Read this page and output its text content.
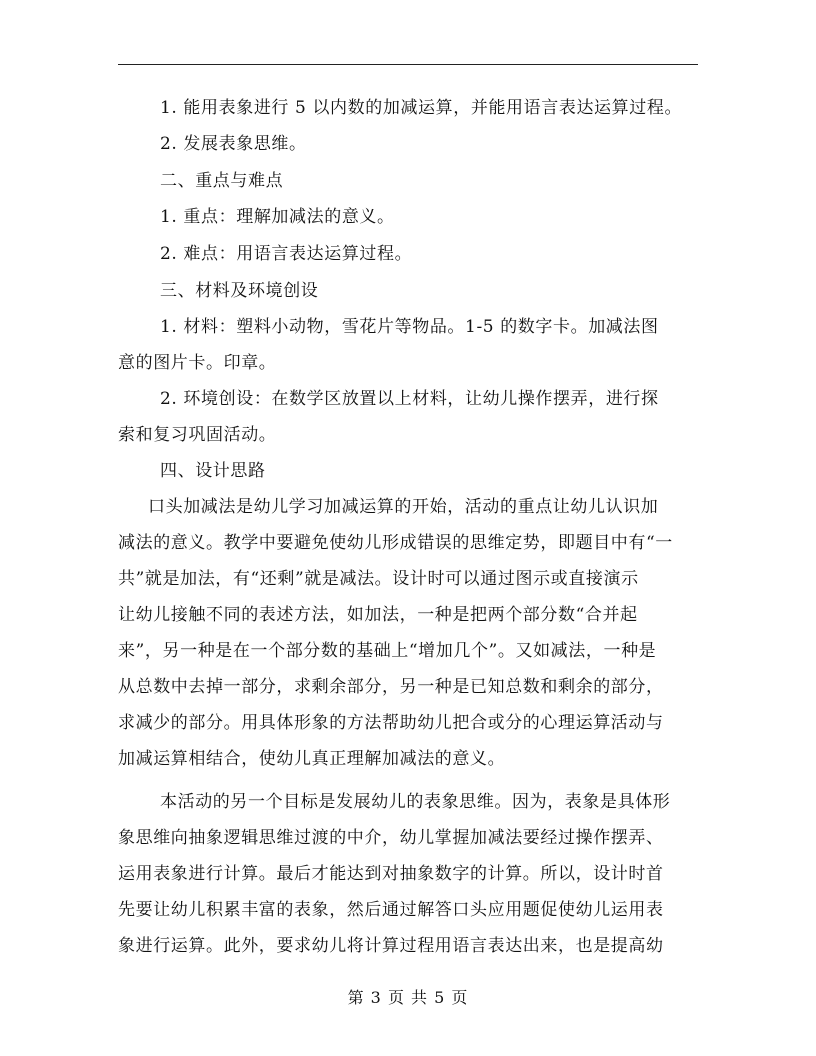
1. 能用表象进行 5 以内数的加减运算，并能用语言表达运算过程。
2. 发展表象思维。
二、重点与难点
1. 重点：理解加减法的意义。
2. 难点：用语言表达运算过程。
三、材料及环境创设
1. 材料：塑料小动物，雪花片等物品。1-5 的数字卡。加减法图
意的图片卡。印章。
2. 环境创设：在数学区放置以上材料，让幼儿操作摆弄，进行探
索和复习巩固活动。
四、设计思路
口头加减法是幼儿学习加减运算的开始，活动的重点让幼儿认识加
减法的意义。教学中要避免使幼儿形成错误的思维定势，即题目中有“一
共”就是加法，有“还剩”就是减法。设计时可以通过图示或直接演示
让幼儿接触不同的表述方法，如加法，一种是把两个部分数“合并起
来”，另一种是在一个部分数的基础上“增加几个”。又如减法，一种是
从总数中去掉一部分，求剩余部分，另一种是已知总数和剩余的部分，
求减少的部分。用具体形象的方法帮助幼儿把合或分的心理运算活动与
加减运算相结合，使幼儿真正理解加减法的意义。
本活动的另一个目标是发展幼儿的表象思维。因为，表象是具体形
象思维向抽象逻辑思维过渡的中介，幼儿掌握加减法要经过操作摆弄、
运用表象进行计算。最后才能达到对抽象数字的计算。所以，设计时首
先要让幼儿积累丰富的表象，然后通过解答口头应用题促使幼儿运用表
象进行运算。此外，要求幼儿将计算过程用语言表达出来，也是提高幼
第 3 页 共 5 页
